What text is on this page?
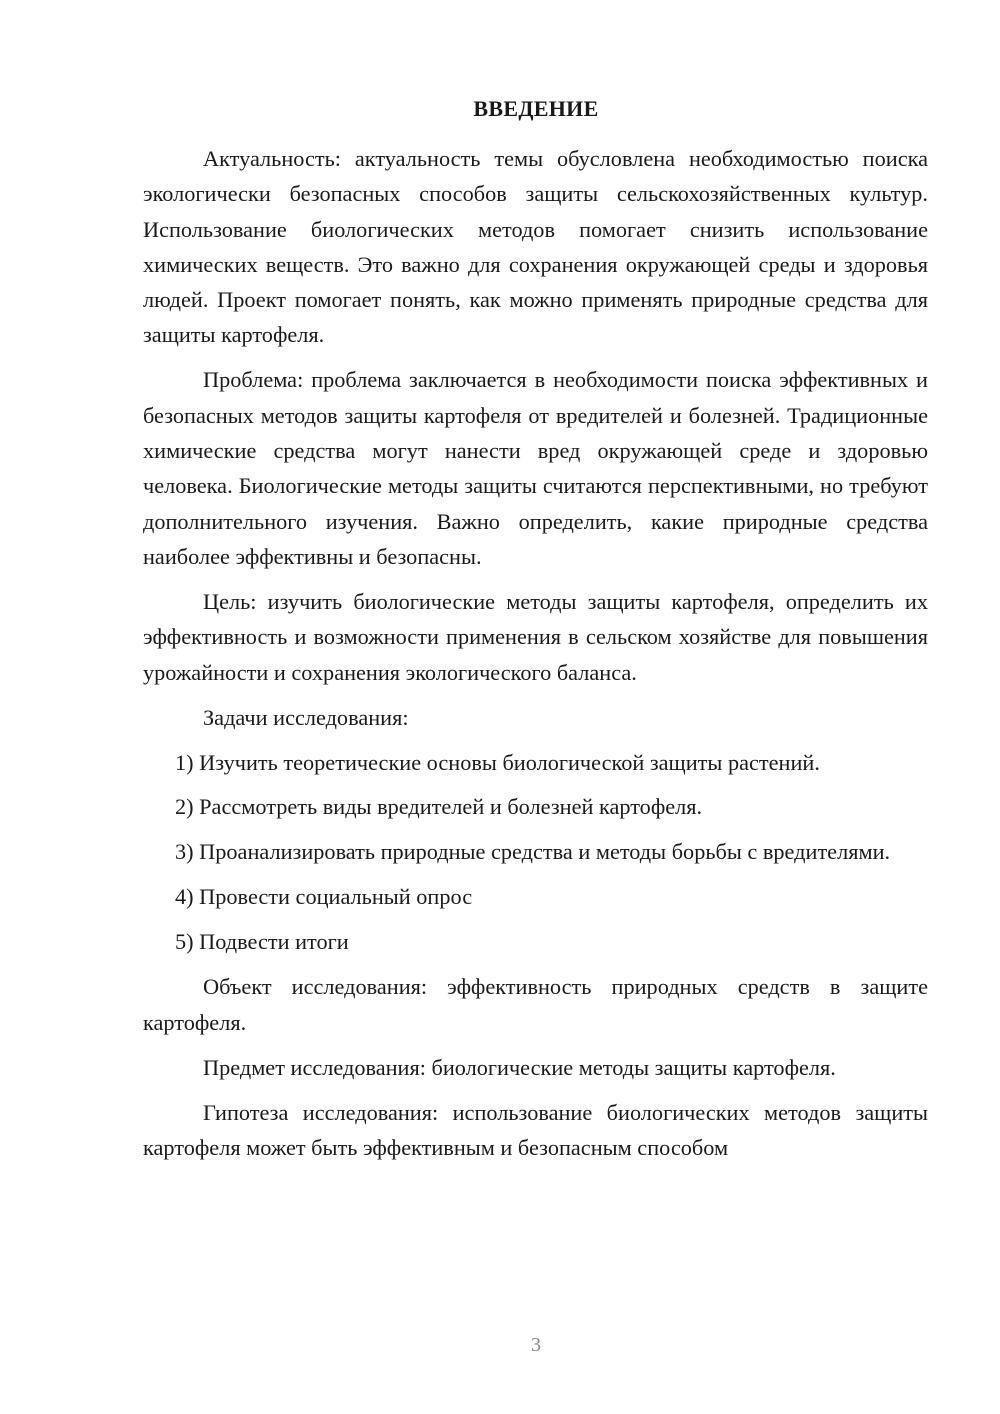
ВВЕДЕНИЕ

Актуальность: актуальность темы обусловлена необходимостью поиска экологически безопасных способов защиты сельскохозяйственных культур. Использование биологических методов помогает снизить использование химических веществ. Это важно для сохранения окружающей среды и здоровья людей. Проект помогает понять, как можно применять природные средства для защиты картофеля.

Проблема: проблема заключается в необходимости поиска эффективных и безопасных методов защиты картофеля от вредителей и болезней. Традиционные химические средства могут нанести вред окружающей среде и здоровью человека. Биологические методы защиты считаются перспективными, но требуют дополнительного изучения. Важно определить, какие природные средства наиболее эффективны и безопасны.

Цель: изучить биологические методы защиты картофеля, определить их эффективность и возможности применения в сельском хозяйстве для повышения урожайности и сохранения экологического баланса.

Задачи исследования:

1) Изучить теоретические основы биологической защиты растений.

2) Рассмотреть виды вредителей и болезней картофеля.

3) Проанализировать природные средства и методы борьбы с вредителями.

4) Провести социальный опрос

5) Подвести итоги

Объект исследования: эффективность природных средств в защите картофеля.

Предмет исследования: биологические методы защиты картофеля.

Гипотеза исследования: использование биологических методов защиты картофеля может быть эффективным и безопасным способом

3
